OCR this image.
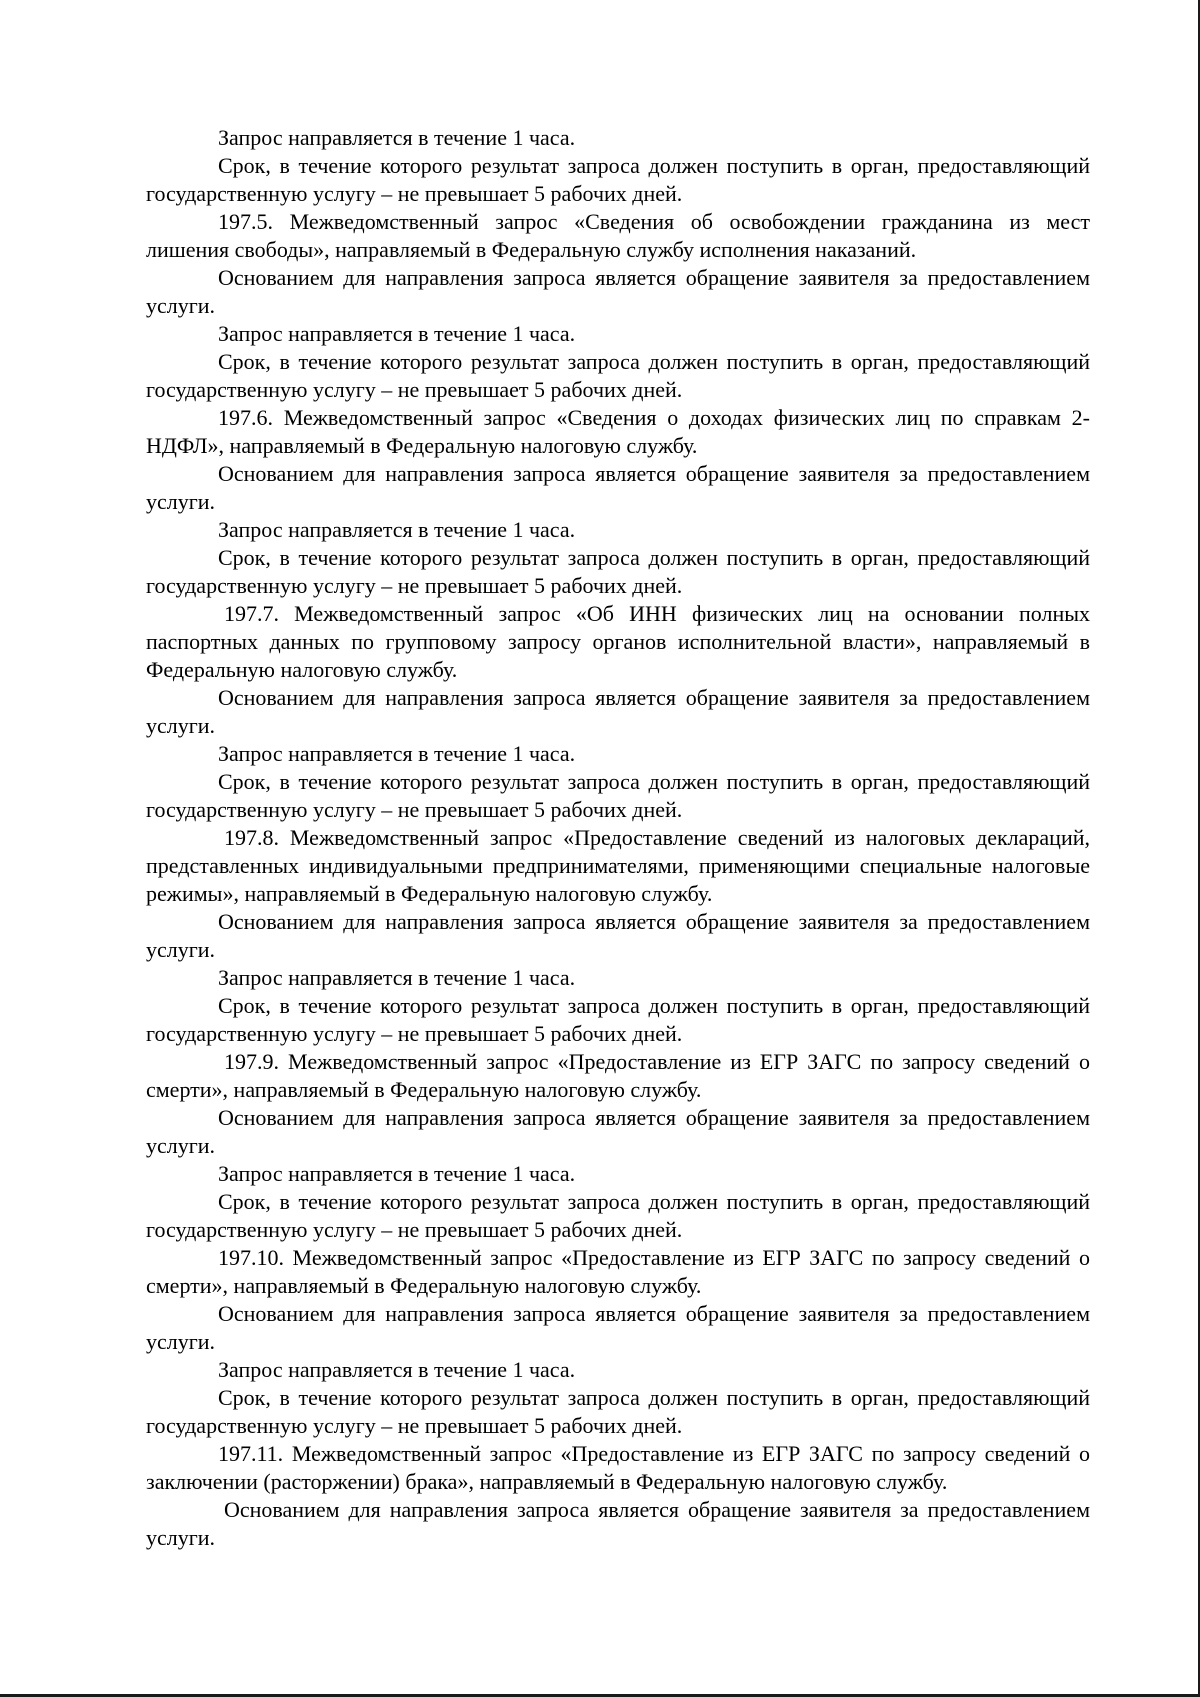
Запрос направляется в течение 1 часа.

Срок, в течение которого результат запроса должен поступить в орган, предоставляющий государственную услугу – не превышает 5 рабочих дней.

197.5. Межведомственный запрос «Сведения об освобождении гражданина из мест лишения свободы», направляемый в Федеральную службу исполнения наказаний.

Основанием для направления запроса является обращение заявителя за предоставлением услуги.

Запрос направляется в течение 1 часа.

Срок, в течение которого результат запроса должен поступить в орган, предоставляющий государственную услугу – не превышает 5 рабочих дней.

197.6. Межведомственный запрос «Сведения о доходах физических лиц по справкам 2-НДФЛ», направляемый в Федеральную налоговую службу.

Основанием для направления запроса является обращение заявителя за предоставлением услуги.

Запрос направляется в течение 1 часа.

Срок, в течение которого результат запроса должен поступить в орган, предоставляющий государственную услугу – не превышает 5 рабочих дней.

197.7. Межведомственный запрос «Об ИНН физических лиц на основании полных паспортных данных по групповому запросу органов исполнительной власти», направляемый в Федеральную налоговую службу.

Основанием для направления запроса является обращение заявителя за предоставлением услуги.

Запрос направляется в течение 1 часа.

Срок, в течение которого результат запроса должен поступить в орган, предоставляющий государственную услугу – не превышает 5 рабочих дней.

197.8. Межведомственный запрос «Предоставление сведений из налоговых деклараций, представленных индивидуальными предпринимателями, применяющими специальные налоговые режимы», направляемый в Федеральную налоговую службу.

Основанием для направления запроса является обращение заявителя за предоставлением услуги.

Запрос направляется в течение 1 часа.

Срок, в течение которого результат запроса должен поступить в орган, предоставляющий государственную услугу – не превышает 5 рабочих дней.

197.9. Межведомственный запрос «Предоставление из ЕГР ЗАГС по запросу сведений о смерти», направляемый в Федеральную налоговую службу.

Основанием для направления запроса является обращение заявителя за предоставлением услуги.

Запрос направляется в течение 1 часа.

Срок, в течение которого результат запроса должен поступить в орган, предоставляющий государственную услугу – не превышает 5 рабочих дней.

197.10. Межведомственный запрос «Предоставление из ЕГР ЗАГС по запросу сведений о смерти», направляемый в Федеральную налоговую службу.

Основанием для направления запроса является обращение заявителя за предоставлением услуги.

Запрос направляется в течение 1 часа.

Срок, в течение которого результат запроса должен поступить в орган, предоставляющий государственную услугу – не превышает 5 рабочих дней.

197.11. Межведомственный запрос «Предоставление из ЕГР ЗАГС по запросу сведений о заключении (расторжении) брака», направляемый в Федеральную налоговую службу.

Основанием для направления запроса является обращение заявителя за предоставлением услуги.
